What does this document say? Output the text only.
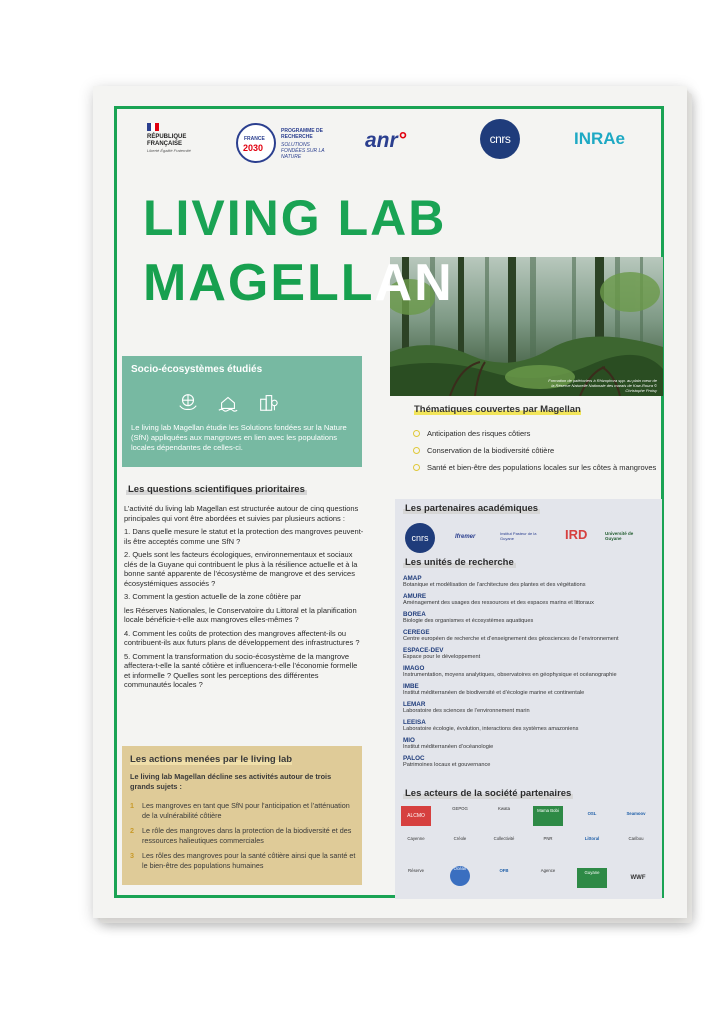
RÉPUBLIQUE FRANÇAISE
Liberté Égalité Fraternité
FRANCE
2030
PROGRAMME DE RECHERCHE
SOLUTIONS FONDÉES SUR LA NATURE
anr°	cnrs	INRAe
Formation de palétuviers à Rhizophora spp. au plain cœur de la Réserve Naturelle Nationale des marais de Kaw-Roura © Christophe Proisy
LIVING LAB
MAGELLAN
Socio-écosystèmes étudiés
Le living lab Magellan étudie les Solutions fondées sur la Nature (SfN) appliquées aux mangroves en lien avec les populations locales dépendantes de celles-ci.
Thématiques couvertes par Magellan
Anticipation des risques côtiers
Conservation de la biodiversité côtière
Santé et bien-être des populations locales sur les côtes à mangroves
Les questions scientifiques prioritaires

L’activité du living lab Magellan est structurée autour de cinq questions principales qui vont être abordées et suivies par plusieurs actions :

1. Dans quelle mesure le statut et la protection des mangroves peuvent-ils être acceptés comme une SfN ?

2. Quels sont les facteurs écologiques, environnementaux et sociaux clés de la Guyane qui contribuent le plus à la résilience actuelle et à la bonne santé apparente de l’écosystème de mangrove et des services écosystémiques associés ?

3. Comment la gestion actuelle de la zone côtière par

les Réserves Nationales, le Conservatoire du Littoral et la planification locale bénéficie-t-elle aux mangroves elles-mêmes ?

4. Comment les coûts de protection des mangroves affectent-ils ou contribuent-ils aux futurs plans de développement des infrastructures ?

5. Comment la transformation du socio-écosystème de la mangrove affectera-t-elle la santé côtière et influencera-t-elle l’économie formelle et informelle ? Quelles sont les perceptions des différentes communautés locales ?

Les actions menées par le living lab
Le living lab Magellan décline ses activités autour de trois grands sujets :
1 Les mangroves en tant que SfN pour l’anticipation et l’atténuation de la vulnérabilité côtière
2 Le rôle des mangroves dans la protection de la biodiversité et des ressources halieutiques commerciales
3 Les rôles des mangroves pour la santé côtière ainsi que la santé et le bien-être des populations humaines
Les partenaires académiques
cnrs	Ifremer
Institut Pasteur de la Guyane	IRD	Université de Guyane
Les unités de recherche
AMAP
Botanique et modélisation de l’architecture des plantes et des végétations
AMURE
Aménagement des usages des ressources et des espaces marins et littoraux
BOREA
Biologie des organismes et écosystèmes aquatiques
CEREGE
Centre européen de recherche et d’enseignement des géosciences de l’environnement
ESPACE-DEV
Espace pour le développement
IMAGO
Instrumentation, moyens analytiques, observatoires en géophysique et océanographie
IMBE
Institut méditerranéen de biodiversité et d’écologie marine et continentale
LEMAR
Laboratoire des sciences de l’environnement marin
LEEISA
Laboratoire écologie, évolution, interactions des systèmes amazoniens
MIO
Institut méditerranéen d’océanologie
PALOC
Patrimoines locaux et gouvernance
Les acteurs de la société partenaires
ALCMO
GEPOG	Kwata	Mama Bobi
OSL	Seamoov
Cayenne	Créole	Collectivité	PNR	Littoral	Caribou
Réserve	Océan	OFB	Agence	Guyane
WWF
